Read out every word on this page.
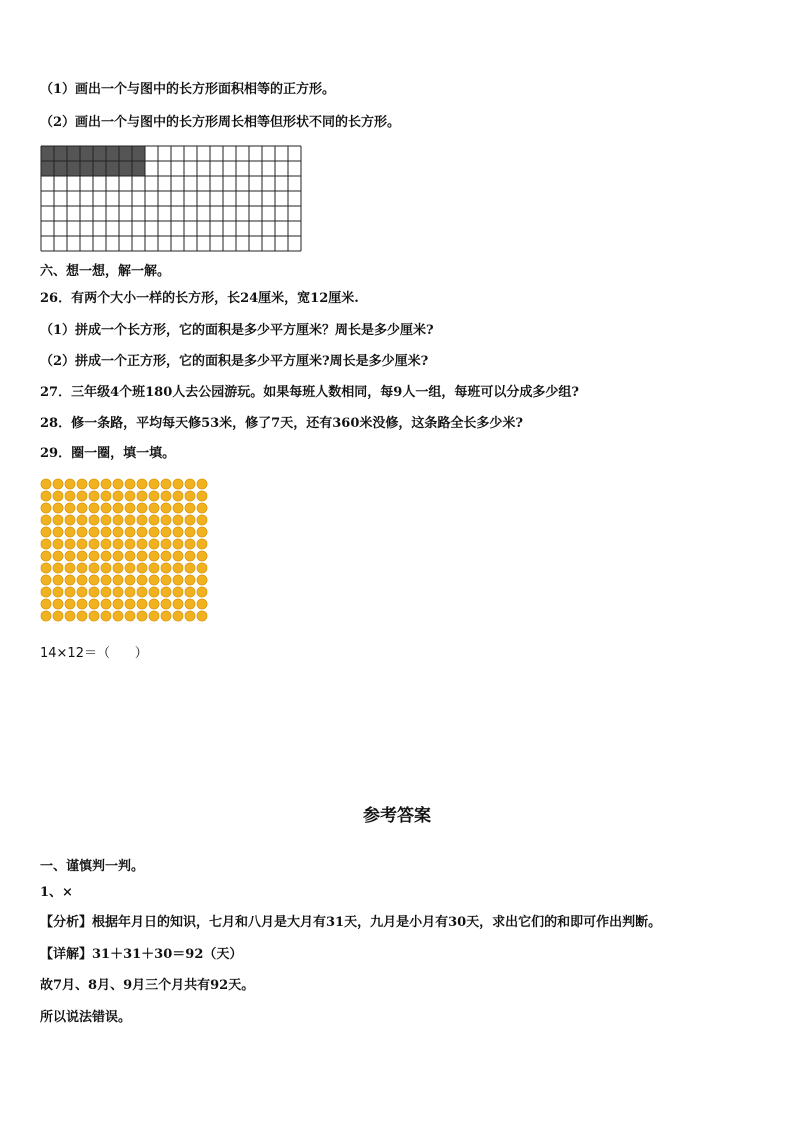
（1）画出一个与图中的长方形面积相等的正方形。
（2）画出一个与图中的长方形周长相等但形状不同的长方形。
六、想一想，解一解。
26．有两个大小一样的长方形，长24厘米，宽12厘米.
（1）拼成一个长方形，它的面积是多少平方厘米？周长是多少厘米?
（2）拼成一个正方形，它的面积是多少平方厘米?周长是多少厘米?
27．三年级4个班180人去公园游玩。如果每班人数相同，每9人一组，每班可以分成多少组?
28．修一条路，平均每天修53米，修了7天，还有360米没修，这条路全长多少米?
29．圈一圈，填一填。
14×12＝（      ）
参考答案
一、谨慎判一判。
1、×
【分析】根据年月日的知识，七月和八月是大月有31天，九月是小月有30天，求出它们的和即可作出判断。
【详解】31＋31＋30＝92（天）
故7月、8月、9月三个月共有92天。
所以说法错误。
